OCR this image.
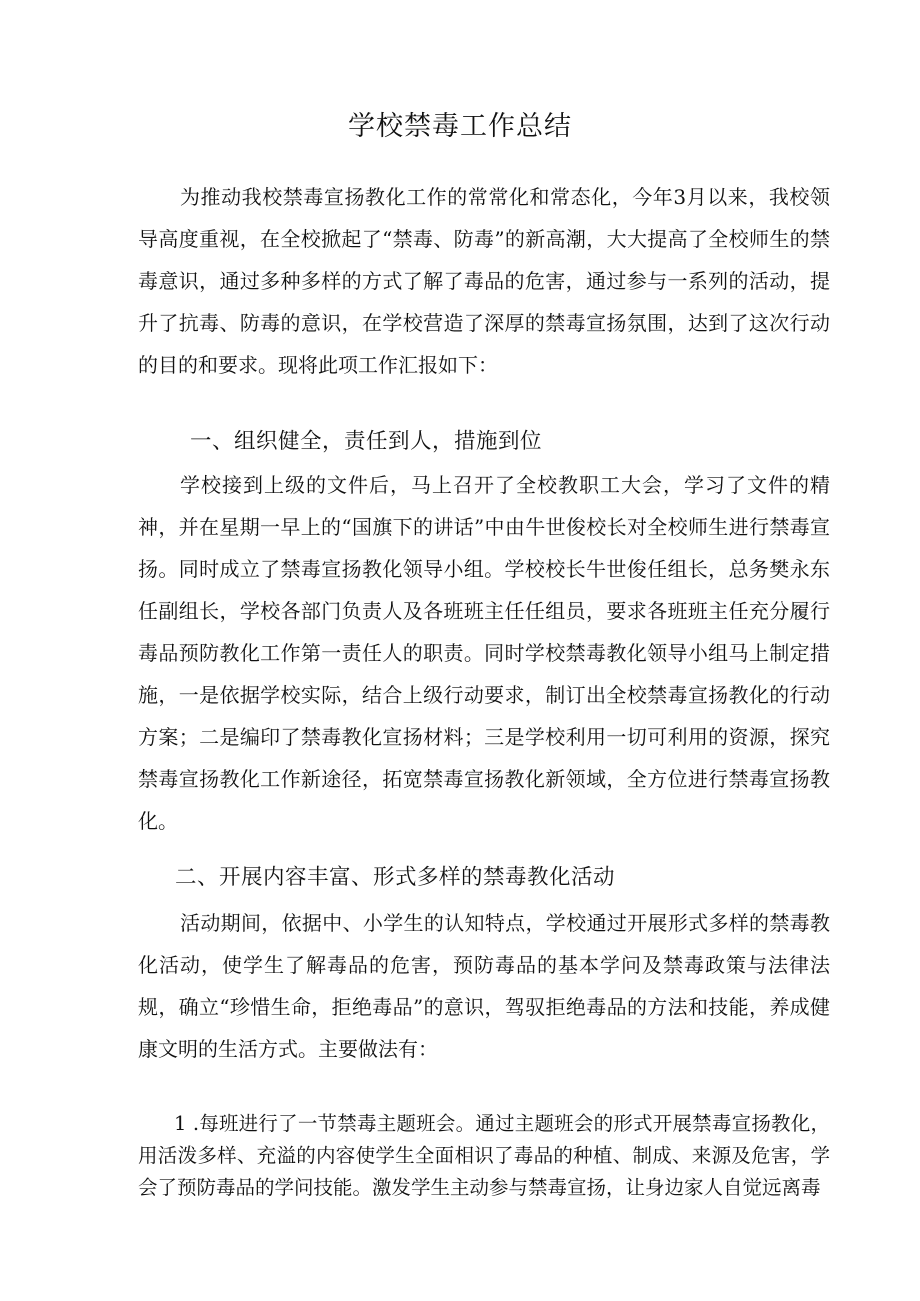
学校禁毒工作总结

为推动我校禁毒宣扬教化工作的常常化和常态化，今年3月以来，我校领导高度重视，在全校掀起了“禁毒、防毒”的新高潮，大大提高了全校师生的禁毒意识，通过多种多样的方式了解了毒品的危害，通过参与一系列的活动，提升了抗毒、防毒的意识，在学校营造了深厚的禁毒宣扬氛围，达到了这次行动的目的和要求。现将此项工作汇报如下：

一、组织健全，责任到人，措施到位

学校接到上级的文件后，马上召开了全校教职工大会，学习了文件的精神，并在星期一早上的“国旗下的讲话”中由牛世俊校长对全校师生进行禁毒宣扬。同时成立了禁毒宣扬教化领导小组。学校校长牛世俊任组长，总务樊永东任副组长，学校各部门负责人及各班班主任任组员，要求各班班主任充分履行毒品预防教化工作第一责任人的职责。同时学校禁毒教化领导小组马上制定措施，一是依据学校实际，结合上级行动要求，制订出全校禁毒宣扬教化的行动方案；二是编印了禁毒教化宣扬材料；三是学校利用一切可利用的资源，探究禁毒宣扬教化工作新途径，拓宽禁毒宣扬教化新领域，全方位进行禁毒宣扬教化。

二、开展内容丰富、形式多样的禁毒教化活动

活动期间，依据中、小学生的认知特点，学校通过开展形式多样的禁毒教化活动，使学生了解毒品的危害，预防毒品的基本学问及禁毒政策与法律法规，确立“珍惜生命，拒绝毒品”的意识，驾驭拒绝毒品的方法和技能，养成健康文明的生活方式。主要做法有：

1 .每班进行了一节禁毒主题班会。通过主题班会的形式开展禁毒宣扬教化，用活泼多样、充溢的内容使学生全面相识了毒品的种植、制成、来源及危害，学会了预防毒品的学问技能。激发学生主动参与禁毒宣扬，让身边家人自觉远离毒
